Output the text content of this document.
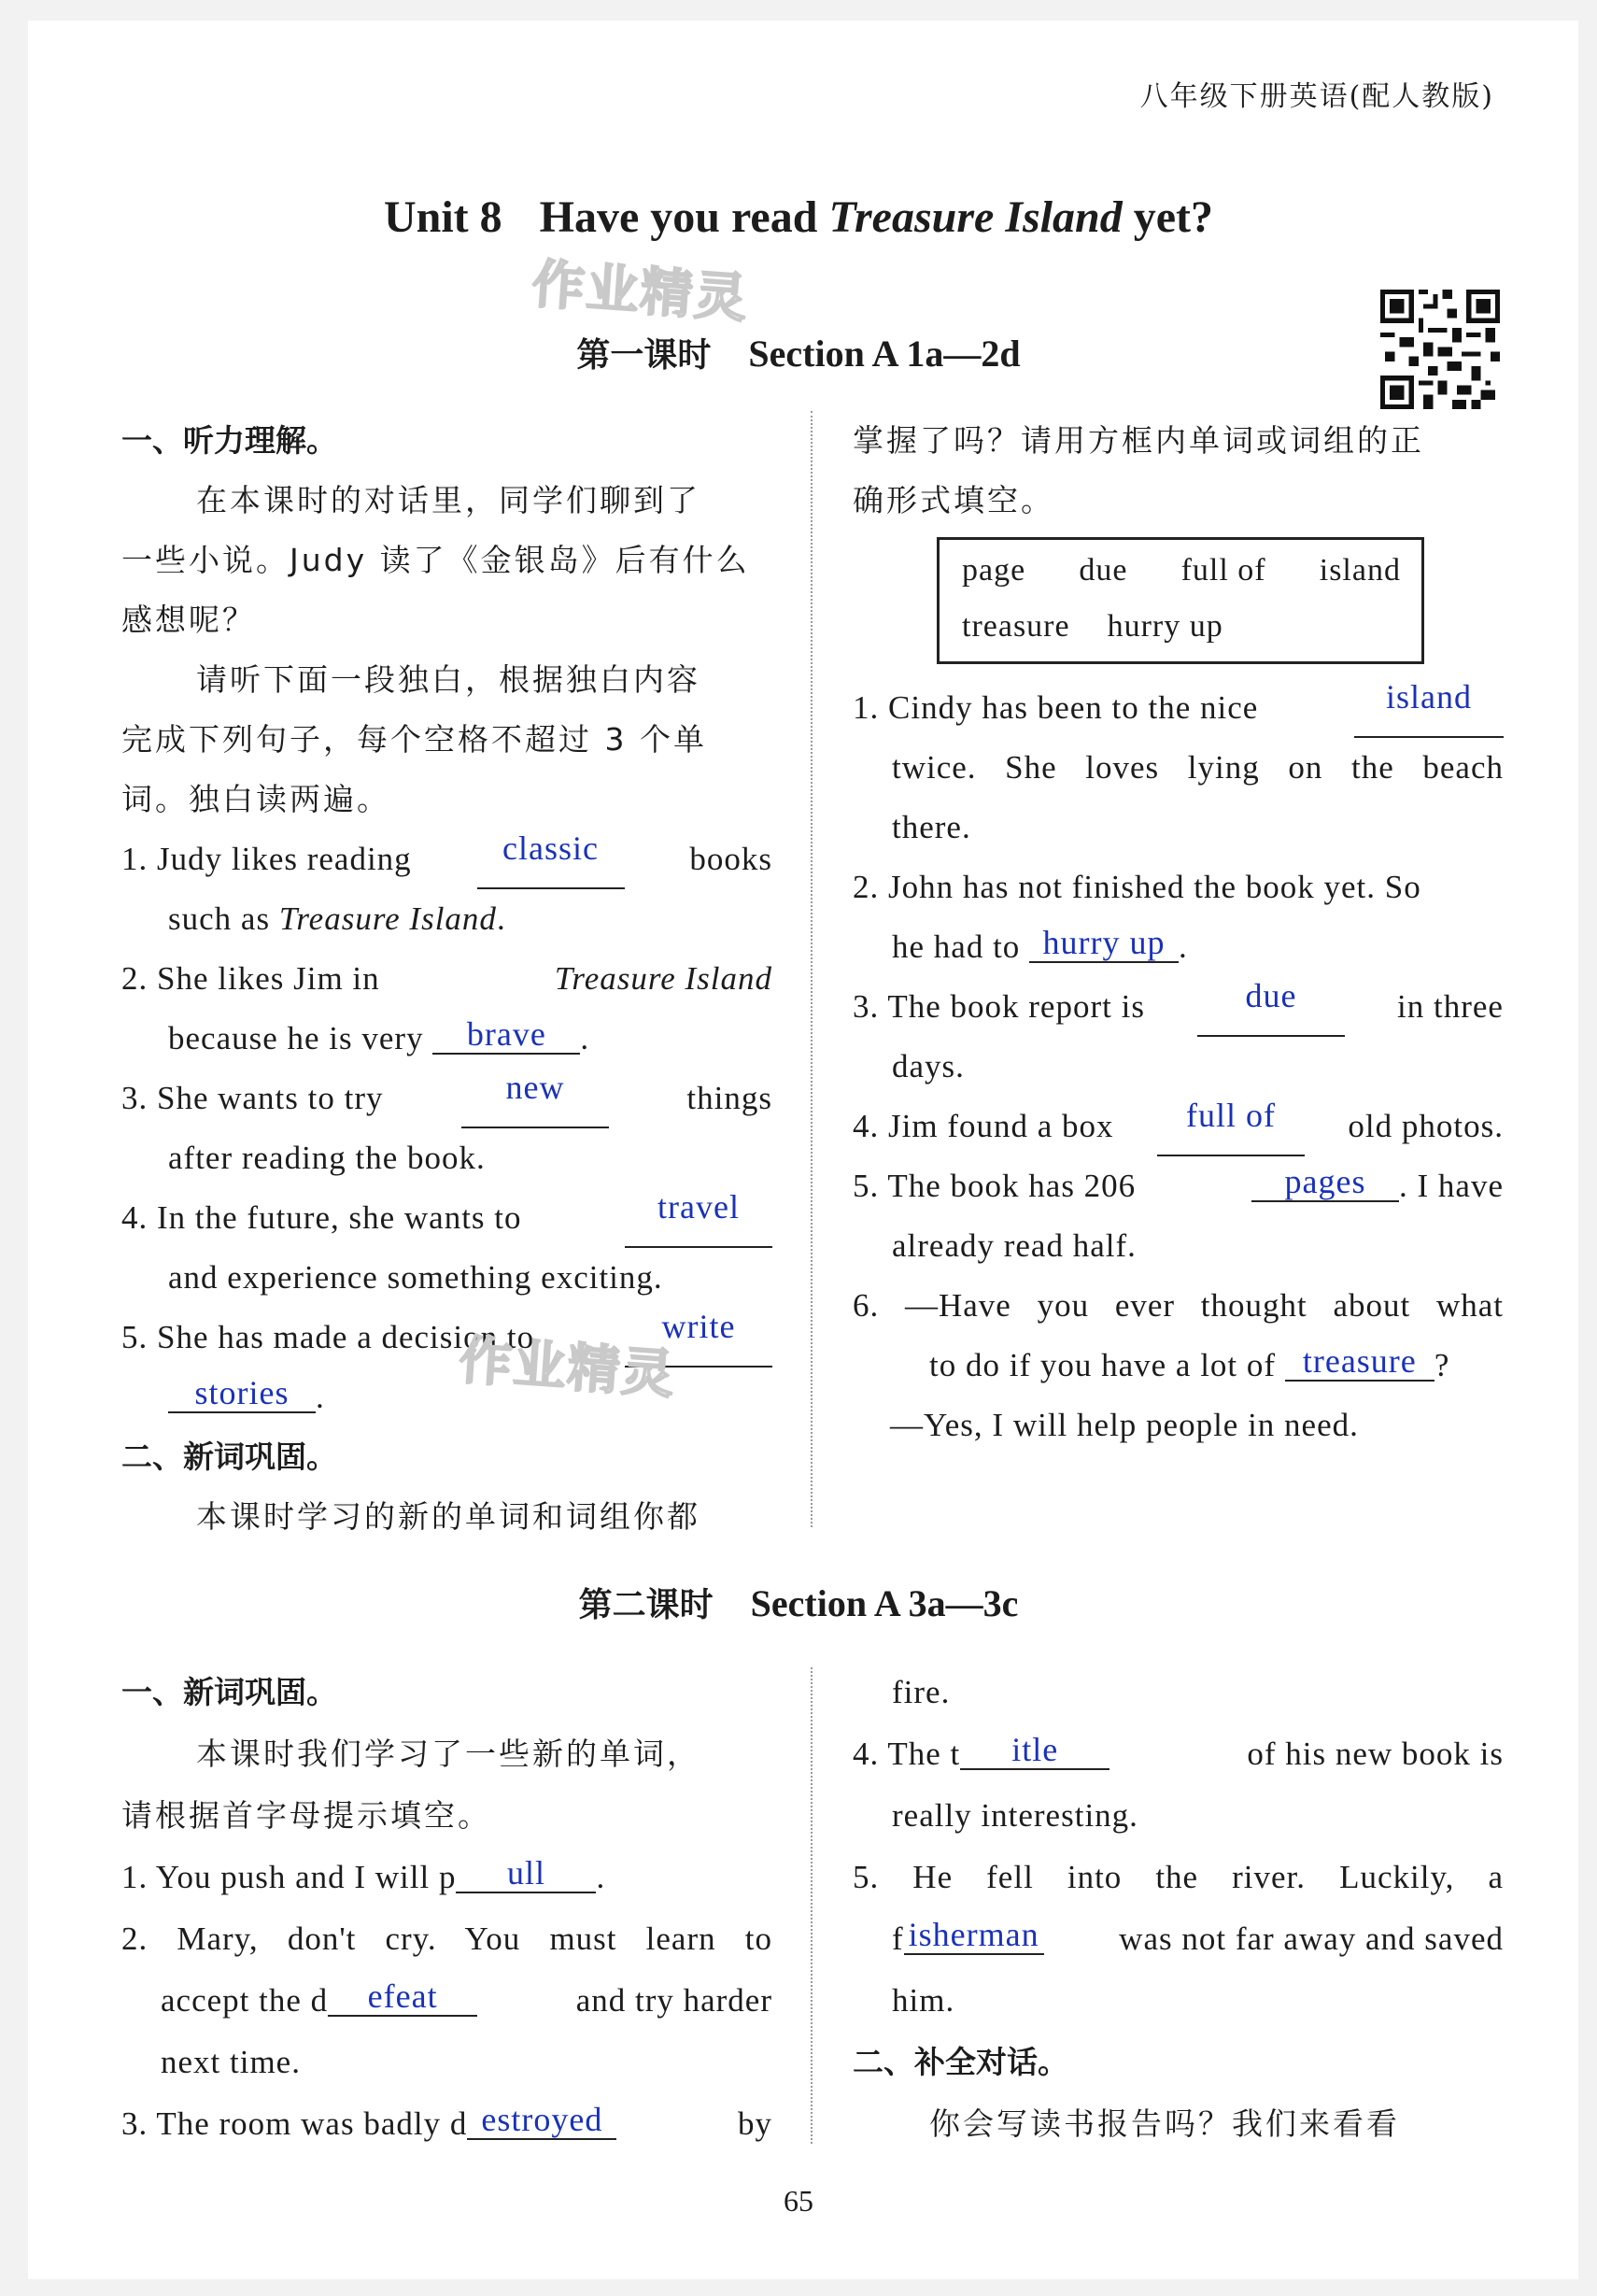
八年级下册英语(配人教版)
Unit 8 Have you read Treasure Island yet?
作业精灵
第一课时 Section A 1a—2d
一、听力理解。
在本课时的对话里，同学们聊到了
一些小说。Judy 读了《金银岛》后有什么
感想呢？
请听下面一段独白，根据独白内容
完成下列句子，每个空格不超过 3 个单
词。独白读两遍。
1. Judy likes reading	classic	books
such as Treasure Island.
2. She likes Jim in	Treasure Island
because he is very brave .
3. She wants to try	new	things
after reading the book.
4. In the future, she wants to	travel
and experience something exciting.
5. She has made a decision to	write
stories .
二、新词巩固。
本课时学习的新的单词和词组你都
作业精灵
掌握了吗？请用方框内单词或词组的正
确形式填空。
page due full of island
treasure hurry up
1. Cindy has been to the nice	island
twice. She loves lying on the beach
there.
2. John has not finished the book yet. So
he had to hurry up .
3. The book report is	due	in three
days.
4. Jim found a box	full of	old photos.
5. The book has 206	pages . I have
already read half.
6. —Have you ever thought about what
to do if you have a lot of treasure ?
—Yes, I will help people in need.
第二课时 Section A 3a—3c
一、新词巩固。
本课时我们学习了一些新的单词，
请根据首字母提示填空。
1. You push and I will p ull .
2. Mary, don't cry. You must learn to
accept the d efeat	and try harder
next time.
3. The room was badly d estroyed	by
fire.
4. The t itle	of his new book is
really interesting.
5. He fell into the river. Luckily, a
f isherman was not far away and saved
him.
二、补全对话。
你会写读书报告吗？我们来看看
65
